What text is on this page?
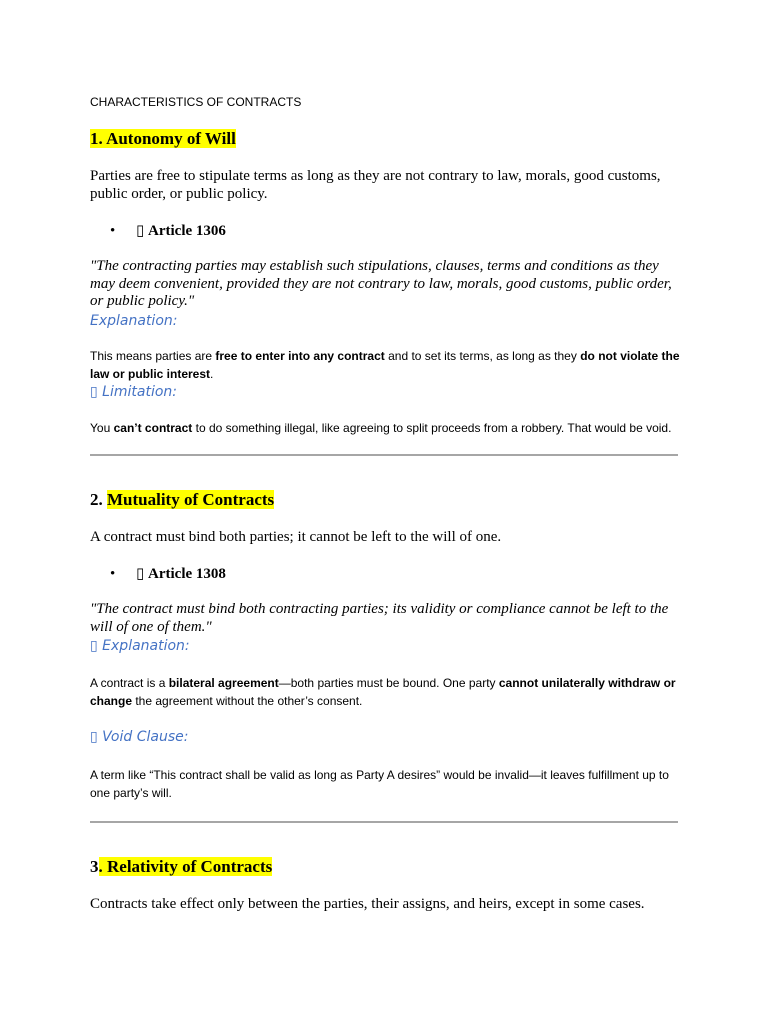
CHARACTERISTICS OF CONTRACTS
1. Autonomy of Will
Parties are free to stipulate terms as long as they are not contrary to law, morals, good customs, public order, or public policy.
• ▯ Article 1306
"The contracting parties may establish such stipulations, clauses, terms and conditions as they may deem convenient, provided they are not contrary to law, morals, good customs, public order, or public policy."
Explanation:
This means parties are free to enter into any contract and to set its terms, as long as they do not violate the law or public interest.
▯ Limitation:
You can’t contract to do something illegal, like agreeing to split proceeds from a robbery. That would be void.
2. Mutuality of Contracts
A contract must bind both parties; it cannot be left to the will of one.
• ▯ Article 1308
"The contract must bind both contracting parties; its validity or compliance cannot be left to the will of one of them."
▯ Explanation:
A contract is a bilateral agreement—both parties must be bound. One party cannot unilaterally withdraw or change the agreement without the other’s consent.
▯ Void Clause:
A term like “This contract shall be valid as long as Party A desires” would be invalid—it leaves fulfillment up to one party’s will.
3. Relativity of Contracts
Contracts take effect only between the parties, their assigns, and heirs, except in some cases.
